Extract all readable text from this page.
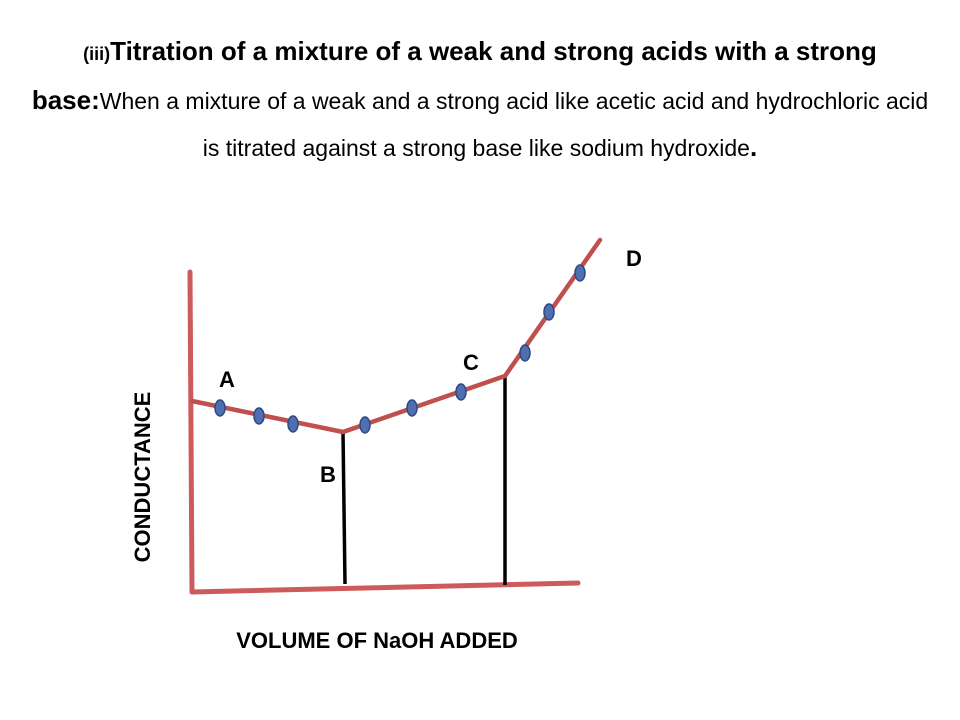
(iii)Titration of a mixture of a weak and strong acids with a strong base:When a mixture of a weak and a strong acid like acetic acid and hydrochloric acid is titrated against a strong base like sodium hydroxide.
A
B
C
D
CONDUCTANCE
VOLUME OF NaOH ADDED
